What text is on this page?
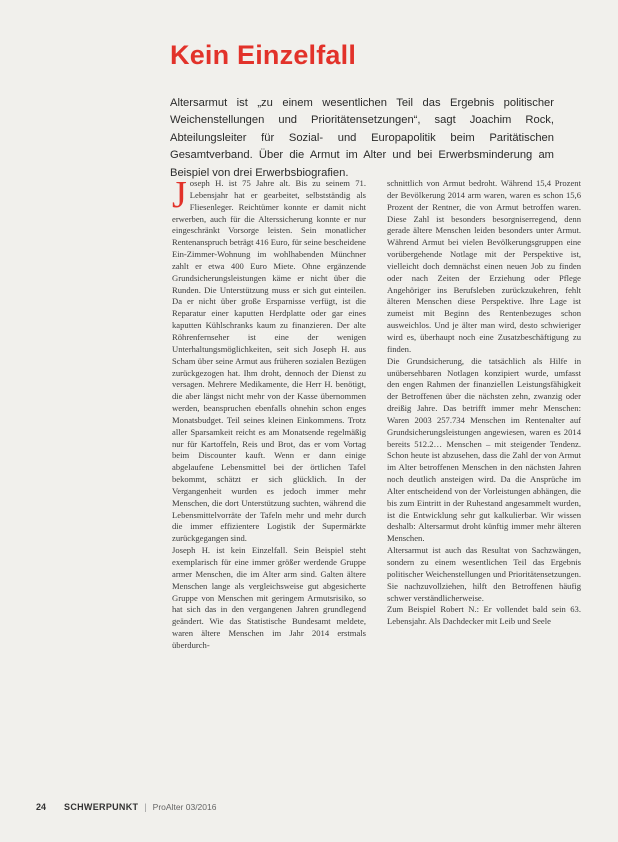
Kein Einzelfall

Altersarmut ist „zu einem wesentlichen Teil das Ergebnis politischer Weichenstellungen und Prioritätensetzungen“, sagt Joachim Rock, Abteilungsleiter für Sozial- und Europapolitik beim Paritätischen Gesamtverband. Über die Armut im Alter und bei Erwerbsminderung am Beispiel von drei Erwerbsbiografien.

Joseph H. ist 75 Jahre alt. Bis zu seinem 71. Lebensjahr hat er gearbeitet, selbstständig als Fliesenleger. Reichtümer konnte er damit nicht erwerben, auch für die Alterssicherung konnte er nur eingeschränkt Vorsorge leisten. Sein monatlicher Rentenanspruch beträgt 416 Euro, für seine bescheidene Ein-Zimmer-Wohnung im wohlhabenden Münchner zahlt er etwa 400 Euro Miete. Ohne ergänzende Grundsicherungsleistungen käme er nicht über die Runden. Die Unterstützung muss er sich gut einteilen. Da er nicht über große Ersparnisse verfügt, ist die Reparatur einer kaputten Herdplatte oder gar eines kaputten Kühlschranks kaum zu finanzieren. Der alte Röhrenfernseher ist eine der wenigen Unterhaltungsmöglichkeiten, seit sich Joseph H. aus Scham über seine Armut aus früheren sozialen Bezügen zurückgezogen hat. Ihm droht, dennoch der Dienst zu versagen. Mehrere Medikamente, die Herr H. benötigt, die aber längst nicht mehr von der Kasse übernommen werden, beanspruchen ebenfalls ohnehin schon enges Monatsbudget. Teil seines kleinen Einkommens. Trotz aller Sparsamkeit reicht es am Monatsende regelmäßig nur für Kartoffeln, Reis und Brot, das er vom Vortag beim Discounter kauft. Wenn er dann einige abgelaufene Lebensmittel bei der örtlichen Tafel bekommt, schätzt er sich glücklich. In der Vergangenheit wurden es jedoch immer mehr Menschen, die dort Unterstützung suchten, während die Lebensmittelvorräte der Tafeln mehr und mehr durch die immer effizientere Logistik der Supermärkte zurückgegangen sind.

Joseph H. ist kein Einzelfall. Sein Beispiel steht exemplarisch für eine immer größer werdende Gruppe armer Menschen, die im Alter arm sind. Galten ältere Menschen lange als vergleichsweise gut abgesicherte Gruppe von Menschen mit geringem Armutsrisiko, so hat sich das in den vergangenen Jahren grundlegend geändert. Wie das Statistische Bundesamt meldete, waren ältere Menschen im Jahr 2014 erstmals überdurch-

schnittlich von Armut bedroht. Während 15,4 Prozent der Bevölkerung 2014 arm waren, waren es schon 15,6 Prozent der Rentner, die von Armut betroffen waren. Diese Zahl ist besonders besorgniserregend, denn gerade ältere Menschen leiden besonders unter Armut. Während Armut bei vielen Bevölkerungsgruppen eine vorübergehende Notlage mit der Perspektive ist, vielleicht doch demnächst einen neuen Job zu finden oder nach Zeiten der Erziehung oder Pflege Angehöriger ins Berufsleben zurückzukehren, fehlt älteren Menschen diese Perspektive. Ihre Lage ist zumeist mit Beginn des Rentenbezuges schon ausweichlos. Und je älter man wird, desto schwieriger wird es, überhaupt noch eine Zusatzbeschäftigung zu finden.

Die Grundsicherung, die tatsächlich als Hilfe in unübersehbaren Notlagen konzipiert wurde, umfasst den engen Rahmen der finanziellen Leistungsfähigkeit der Betroffenen über die nächsten zehn, zwanzig oder dreißig Jahre. Das betrifft immer mehr Menschen: Waren 2003 257.734 Menschen im Rentenalter auf Grundsicherungsleistungen angewiesen, waren es 2014 bereits 512.2… Menschen – mit steigender Tendenz. Schon heute ist abzusehen, dass die Zahl der von Armut im Alter betroffenen Menschen in den nächsten Jahren noch deutlich ansteigen wird. Da die Ansprüche im Alter entscheidend von der Vorleistungen abhängen, die bis zum Eintritt in der Ruhestand angesammelt wurden, ist die Entwicklung sehr gut kalkulierbar. Wir wissen deshalb: Altersarmut droht künftig immer mehr älteren Menschen.

Altersarmut ist auch das Resultat von Sachzwängen, sondern zu einem wesentlichen Teil das Ergebnis politischer Weichenstellungen und Prioritätensetzungen. Sie nachzuvollziehen, hilft den Betroffenen häufig schwer verständlicherweise.

Zum Beispiel Robert N.: Er vollendet bald sein 63. Lebensjahr. Als Dachdecker mit Leib und Seele

24 SCHWERPUNKT | ProAlter 03/2016
